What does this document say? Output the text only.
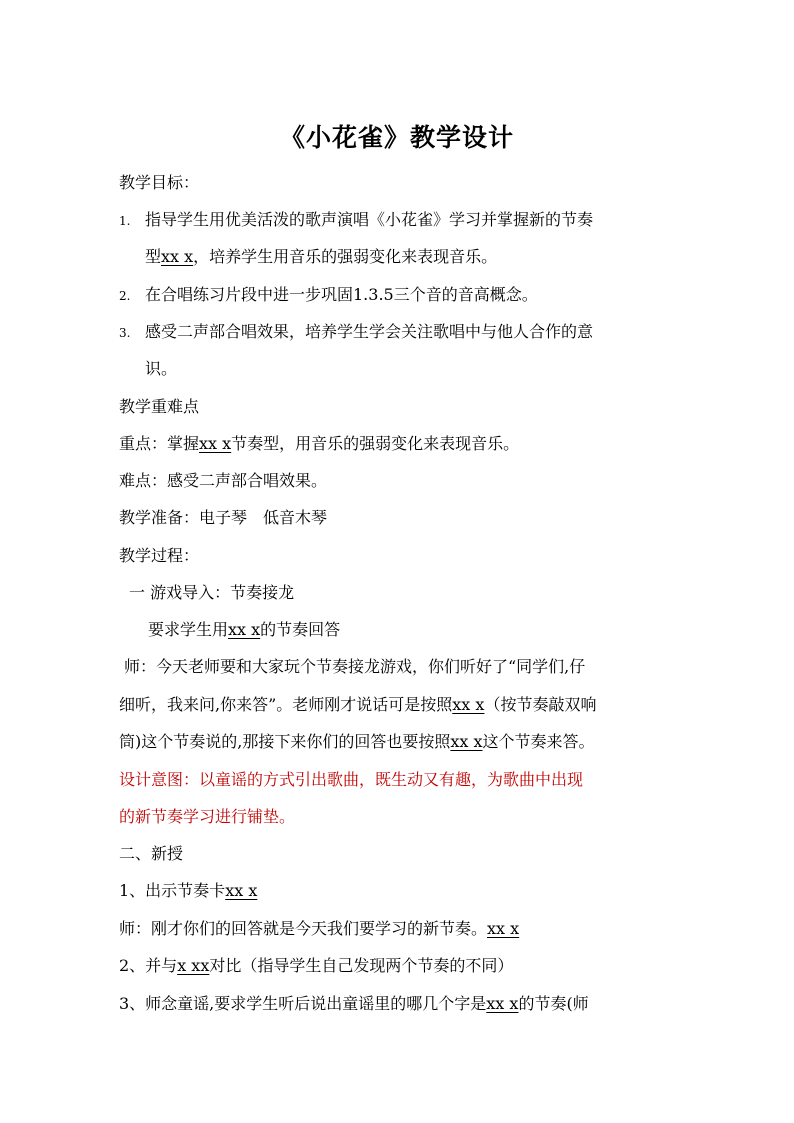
《小花雀》教学设计
教学目标：
1. 指导学生用优美活泼的歌声演唱《小花雀》学习并掌握新的节奏
型xx x，培养学生用音乐的强弱变化来表现音乐。
2. 在合唱练习片段中进一步巩固1.3.5三个音的音高概念。
3. 感受二声部合唱效果，培养学生学会关注歌唱中与他人合作的意
识。
教学重难点
重点：掌握xx x节奏型，用音乐的强弱变化来表现音乐。
难点：感受二声部合唱效果。
教学准备：电子琴　低音木琴
教学过程：
一 游戏导入：节奏接龙
要求学生用xx x的节奏回答
师：今天老师要和大家玩个节奏接龙游戏，你们听好了“同学们,仔
细听，我来问,你来答”。老师刚才说话可是按照xx x（按节奏敲双响
筒)这个节奏说的,那接下来你们的回答也要按照xx x这个节奏来答。
设计意图：以童谣的方式引出歌曲，既生动又有趣，为歌曲中出现
的新节奏学习进行铺垫。
二、新授
1、出示节奏卡xx x
师：刚才你们的回答就是今天我们要学习的新节奏。xx x
2、并与x xx对比（指导学生自己发现两个节奏的不同）
3、师念童谣,要求学生听后说出童谣里的哪几个字是xx x的节奏(师
